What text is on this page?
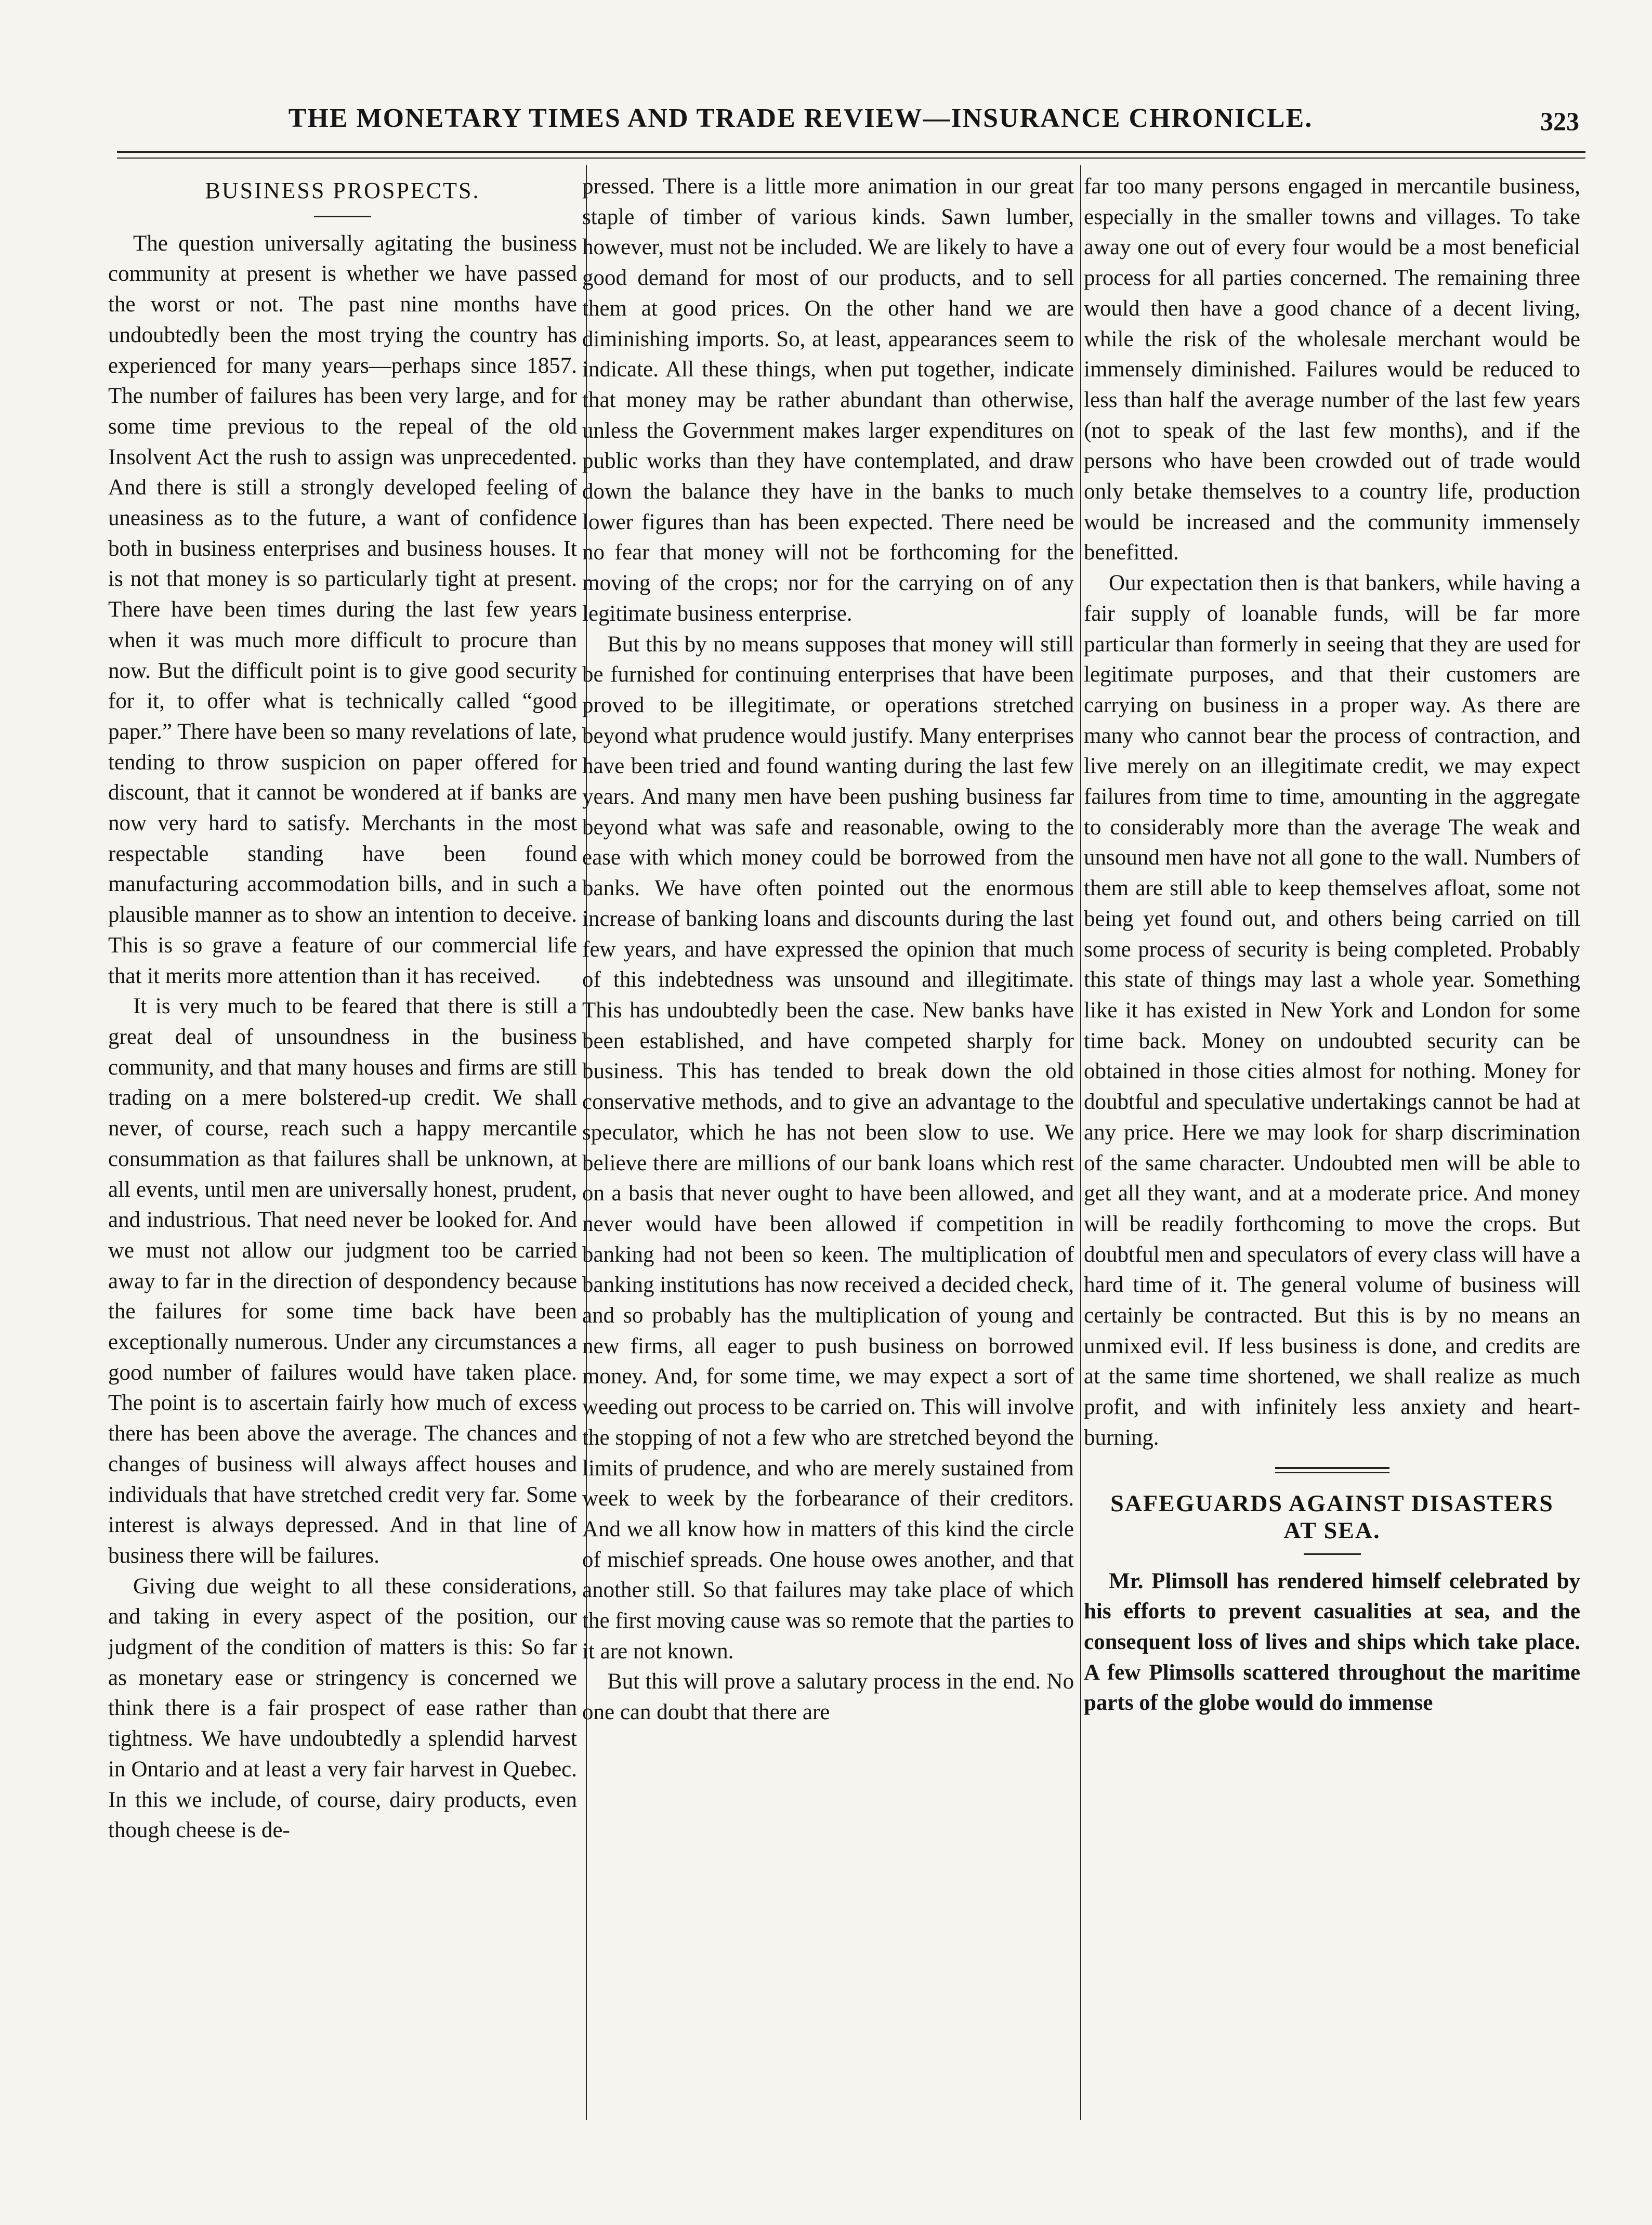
THE MONETARY TIMES AND TRADE REVIEW—INSURANCE CHRONICLE.	323
BUSINESS PROSPECTS.

The question universally agitating the business community at present is whether we have passed the worst or not. The past nine months have undoubtedly been the most trying the country has experienced for many years—perhaps since 1857. The number of failures has been very large, and for some time previous to the repeal of the old Insolvent Act the rush to assign was unprecedented. And there is still a strongly developed feeling of uneasiness as to the future, a want of confidence both in business enterprises and business houses. It is not that money is so particularly tight at present. There have been times during the last few years when it was much more difficult to procure than now. But the difficult point is to give good security for it, to offer what is technically called “good paper.” There have been so many revelations of late, tending to throw suspicion on paper offered for discount, that it cannot be wondered at if banks are now very hard to satisfy. Merchants in the most respectable standing have been found manufacturing accommodation bills, and in such a plausible manner as to show an intention to deceive. This is so grave a feature of our commercial life that it merits more attention than it has received.

It is very much to be feared that there is still a great deal of unsoundness in the business community, and that many houses and firms are still trading on a mere bolstered-up credit. We shall never, of course, reach such a happy mercantile consummation as that failures shall be unknown, at all events, until men are universally honest, prudent, and industrious. That need never be looked for. And we must not allow our judgment too be carried away to far in the direction of despondency because the failures for some time back have been exceptionally numerous. Under any circumstances a good number of failures would have taken place. The point is to ascertain fairly how much of excess there has been above the average. The chances and changes of business will always affect houses and individuals that have stretched credit very far. Some interest is always depressed. And in that line of business there will be failures.

Giving due weight to all these considerations, and taking in every aspect of the position, our judgment of the condition of matters is this: So far as monetary ease or stringency is concerned we think there is a fair prospect of ease rather than tightness. We have undoubtedly a splendid harvest in Ontario and at least a very fair harvest in Quebec. In this we include, of course, dairy products, even though cheese is de-

pressed. There is a little more animation in our great staple of timber of various kinds. Sawn lumber, however, must not be included. We are likely to have a good demand for most of our products, and to sell them at good prices. On the other hand we are diminishing imports. So, at least, appearances seem to indicate. All these things, when put together, indicate that money may be rather abundant than otherwise, unless the Government makes larger expenditures on public works than they have contemplated, and draw down the balance they have in the banks to much lower figures than has been expected. There need be no fear that money will not be forthcoming for the moving of the crops; nor for the carrying on of any legitimate business enterprise.

But this by no means supposes that money will still be furnished for continuing enterprises that have been proved to be illegitimate, or operations stretched beyond what prudence would justify. Many enterprises have been tried and found wanting during the last few years. And many men have been pushing business far beyond what was safe and reasonable, owing to the ease with which money could be borrowed from the banks. We have often pointed out the enormous increase of banking loans and discounts during the last few years, and have expressed the opinion that much of this indebtedness was unsound and illegitimate. This has undoubtedly been the case. New banks have been established, and have competed sharply for business. This has tended to break down the old conservative methods, and to give an advantage to the speculator, which he has not been slow to use. We believe there are millions of our bank loans which rest on a basis that never ought to have been allowed, and never would have been allowed if competition in banking had not been so keen. The multiplication of banking institutions has now received a decided check, and so probably has the multiplication of young and new firms, all eager to push business on borrowed money. And, for some time, we may expect a sort of weeding out process to be carried on. This will involve the stopping of not a few who are stretched beyond the limits of prudence, and who are merely sustained from week to week by the forbearance of their creditors. And we all know how in matters of this kind the circle of mischief spreads. One house owes another, and that another still. So that failures may take place of which the first moving cause was so remote that the parties to it are not known.

But this will prove a salutary process in the end. No one can doubt that there are

far too many persons engaged in mercantile business, especially in the smaller towns and villages. To take away one out of every four would be a most beneficial process for all parties concerned. The remaining three would then have a good chance of a decent living, while the risk of the wholesale merchant would be immensely diminished. Failures would be reduced to less than half the average number of the last few years (not to speak of the last few months), and if the persons who have been crowded out of trade would only betake themselves to a country life, production would be increased and the community immensely benefitted.

Our expectation then is that bankers, while having a fair supply of loanable funds, will be far more particular than formerly in seeing that they are used for legitimate purposes, and that their customers are carrying on business in a proper way. As there are many who cannot bear the process of contraction, and live merely on an illegitimate credit, we may expect failures from time to time, amounting in the aggregate to considerably more than the average The weak and unsound men have not all gone to the wall. Numbers of them are still able to keep themselves afloat, some not being yet found out, and others being carried on till some process of security is being completed. Probably this state of things may last a whole year. Something like it has existed in New York and London for some time back. Money on undoubted security can be obtained in those cities almost for nothing. Money for doubtful and speculative undertakings cannot be had at any price. Here we may look for sharp discrimination of the same character. Undoubted men will be able to get all they want, and at a moderate price. And money will be readily forthcoming to move the crops. But doubtful men and speculators of every class will have a hard time of it. The general volume of business will certainly be contracted. But this is by no means an unmixed evil. If less business is done, and credits are at the same time shortened, we shall realize as much profit, and with infinitely less anxiety and heart-burning.

SAFEGUARDS AGAINST DISASTERS
AT SEA.

Mr. Plimsoll has rendered himself celebrated by his efforts to prevent casualities at sea, and the consequent loss of lives and ships which take place. A few Plimsolls scattered throughout the maritime parts of the globe would do immense
